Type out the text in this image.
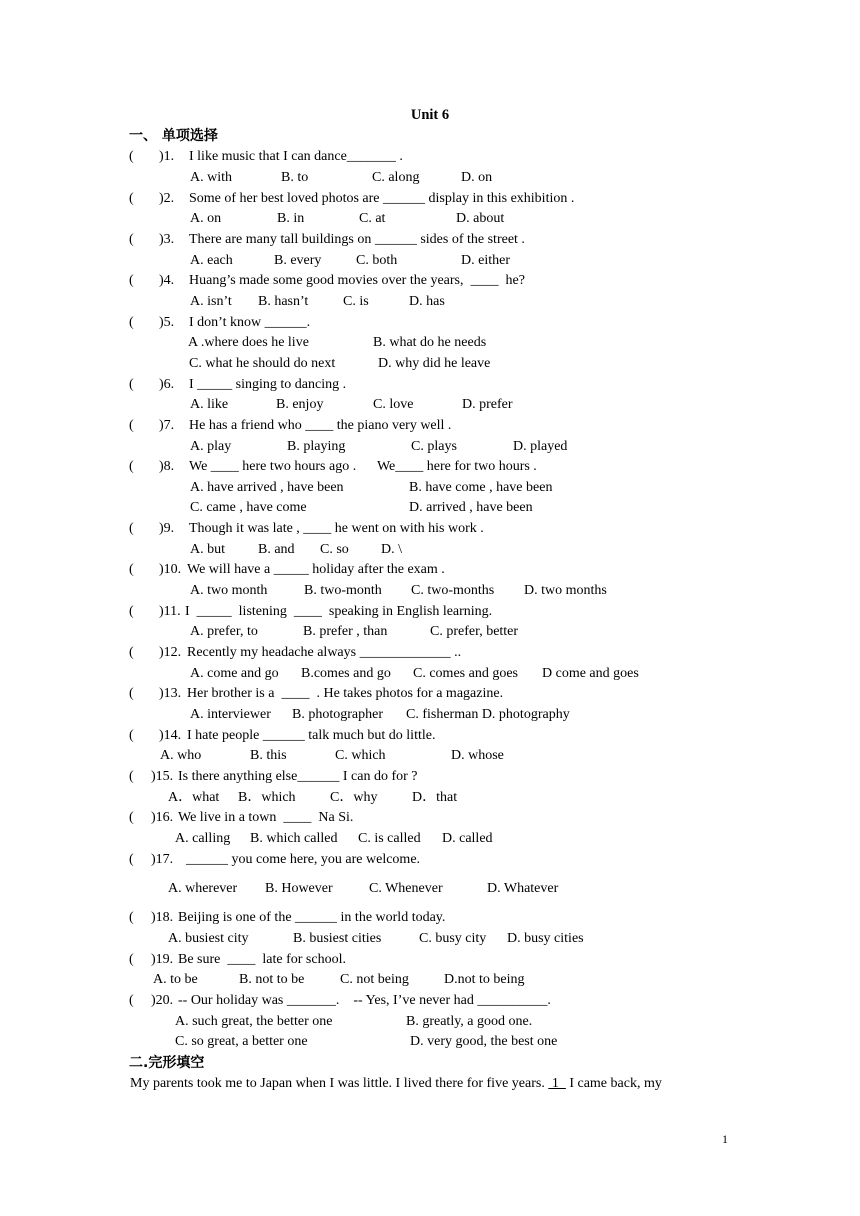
Unit 6
一、 单项选择
( )1. I like music that I can dance_______ .
A. with	B. to	C. along	D. on
( )2. Some of her best loved photos are ______ display in this exhibition .
A. on	B. in	C. at	D. about
( )3. There are many tall buildings on ______ sides of the street .
A. each	B. every C. both	D. either
( )4. Huang’s made some good movies over the years,  ____  he?
A. isn’t B. hasn’t C. is	D. has
( )5. I don’t know ______.
A .where does he live	B. what do he needs
C. what he should do next	D. why did he leave
( )6. I _____ singing to dancing .
A. like	B. enjoy	C. love	D. prefer
( )7. He has a friend who ____ the piano very well .
A. play	B. playing	C. plays	D. played
( )8. We ____ here two hours ago .      We____ here for two hours .
A. have arrived , have been	B. have come , have been
C. came , have come	D. arrived , have been
( )9. Though it was late , ____ he went on with his work .
A. but B. and C. so D. \
( )10. We will have a _____ holiday after the exam .
A. two month	B. two-month C. two-months D. two months
( )11. I  _____  listening  ____  speaking in English learning.
A. prefer, to	B. prefer , than	C. prefer, better
( )12. Recently my headache always _____________ ..
A. come and go B.comes and go C. comes and goes D come and goes
( )13. Her brother is a  ____  . He takes photos for a magazine.
A. interviewer B. photographer C. fisherman D. photography
( )14. I hate people ______ talk much but do little.
A. who	B. this	C. which	D. whose
( )15. Is there anything else______ I can do for ?
A．what B．which C．why D．that
( )16. We live in a town  ____  Na Si.
A. calling B. which called C. is called D. called
( )17. ______ you come here, you are welcome.
A. wherever B. However	C. Whenever	D. Whatever
( )18. Beijing is one of the ______ in the world today.
A. busiest city	B. busiest cities	C. busy city D. busy cities
( )19. Be sure  ____  late for school.
A. to be	B. not to be	C. not being	D.not to being
( )20. -- Our holiday was _______.    -- Yes, I’ve never had __________.
A. such great, the better one	B. greatly, a good one.
C. so great, a better one	D. very good, the best one
二.完形填空
My parents took me to Japan when I was little. I lived there for five years.  1   I came back, my
1
